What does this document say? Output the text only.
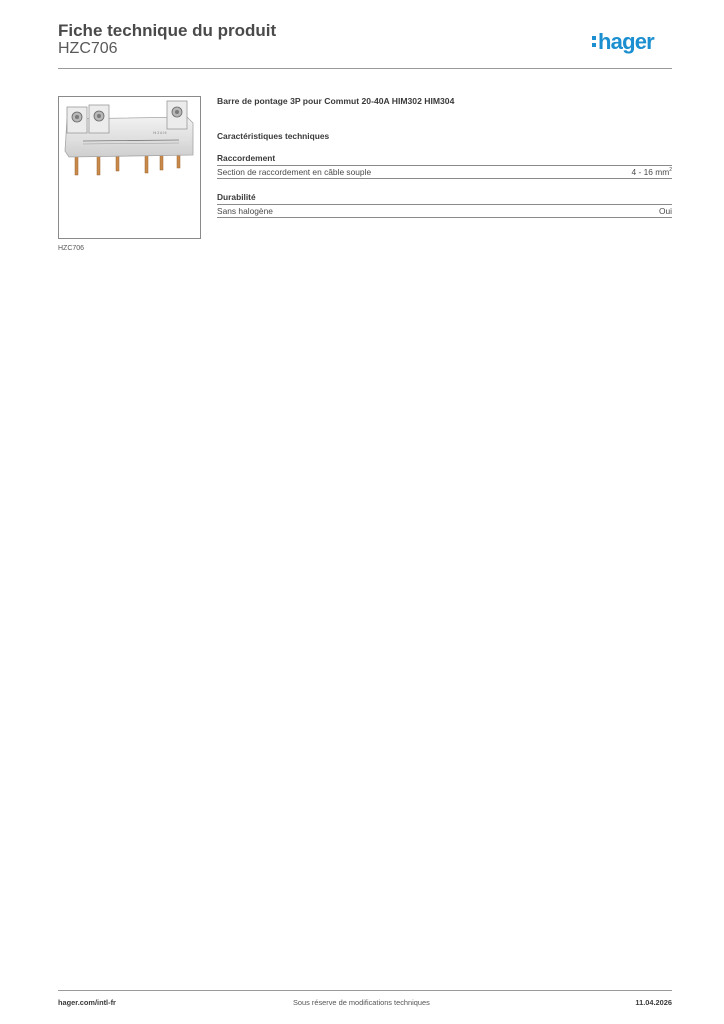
Fiche technique du produit
HZC706	hager
Hi 3 A Hi
HZC706
Barre de pontage 3P pour Commut 20-40A HIM302 HIM304
Caractéristiques techniques
Raccordement
Section de raccordement en câble souple	4 - 16 $mm^2$
Durabilité
Sans halogène	Oui
hager.com/intl-fr	Sous réserve de modifications techniques	11.04.2026
